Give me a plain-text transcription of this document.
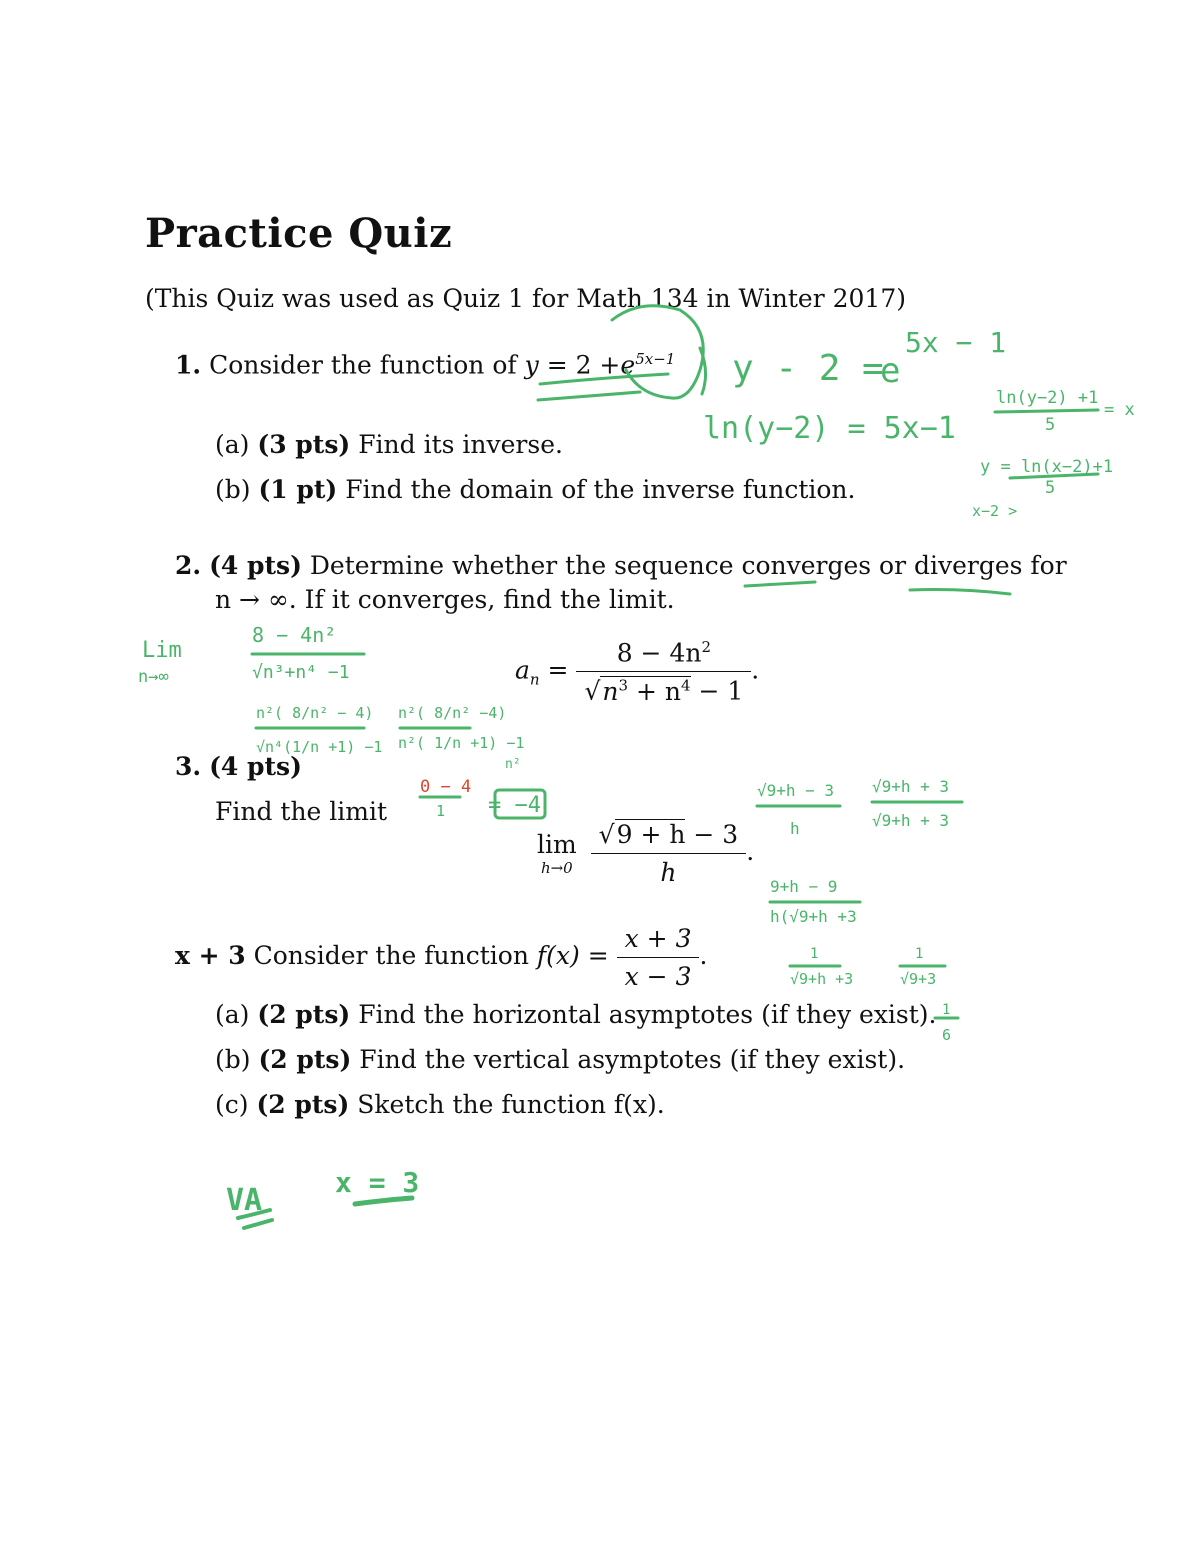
Practice Quiz
(This Quiz was used as Quiz 1 for Math 134 in Winter 2017)
1. Consider the function of $y = 2 +e^{5x-1}$
(a) (3 pts) Find its inverse.
(b) (1 pt) Find the domain of the inverse function.
2. (4 pts) Determine whether the sequence converges or diverges for
n → ∞. If it converges, find the limit.
$a_n = \frac{8 - 4n^2}{√n^3 + n^4 - 1}$ .
3. (4 pts)
Find the limit
lim
h→0
$\frac{√9 + h - 3}{h}$ .
x + 3 Consider the function $f(x) = \frac{x + 3}{x - 3}$ .
(a) (2 pts) Find the horizontal asymptotes (if they exist).
(b) (2 pts) Find the vertical asymptotes (if they exist).
(c) (2 pts) Sketch the function f(x).
y - 2 =
e
5x − 1
ln(y−2) = 5x−1
ln(y−2) +1
5
= x
y = ln(x−2)+1
5
x−2 >
Lim
n→∞
8 − 4n²
√n³+n⁴ −1
n²( 8/n² − 4)
√n⁴(1/n +1) −1
n²( 8/n² −4)
n²( 1/n +1) −1
n²
0 − 4
1 = −4
√9+h − 3
h
√9+h + 3
√9+h + 3
9+h − 9
h(√9+h +3
1
√9+h +3
1
√9+3
1
6
VA
x = 3
